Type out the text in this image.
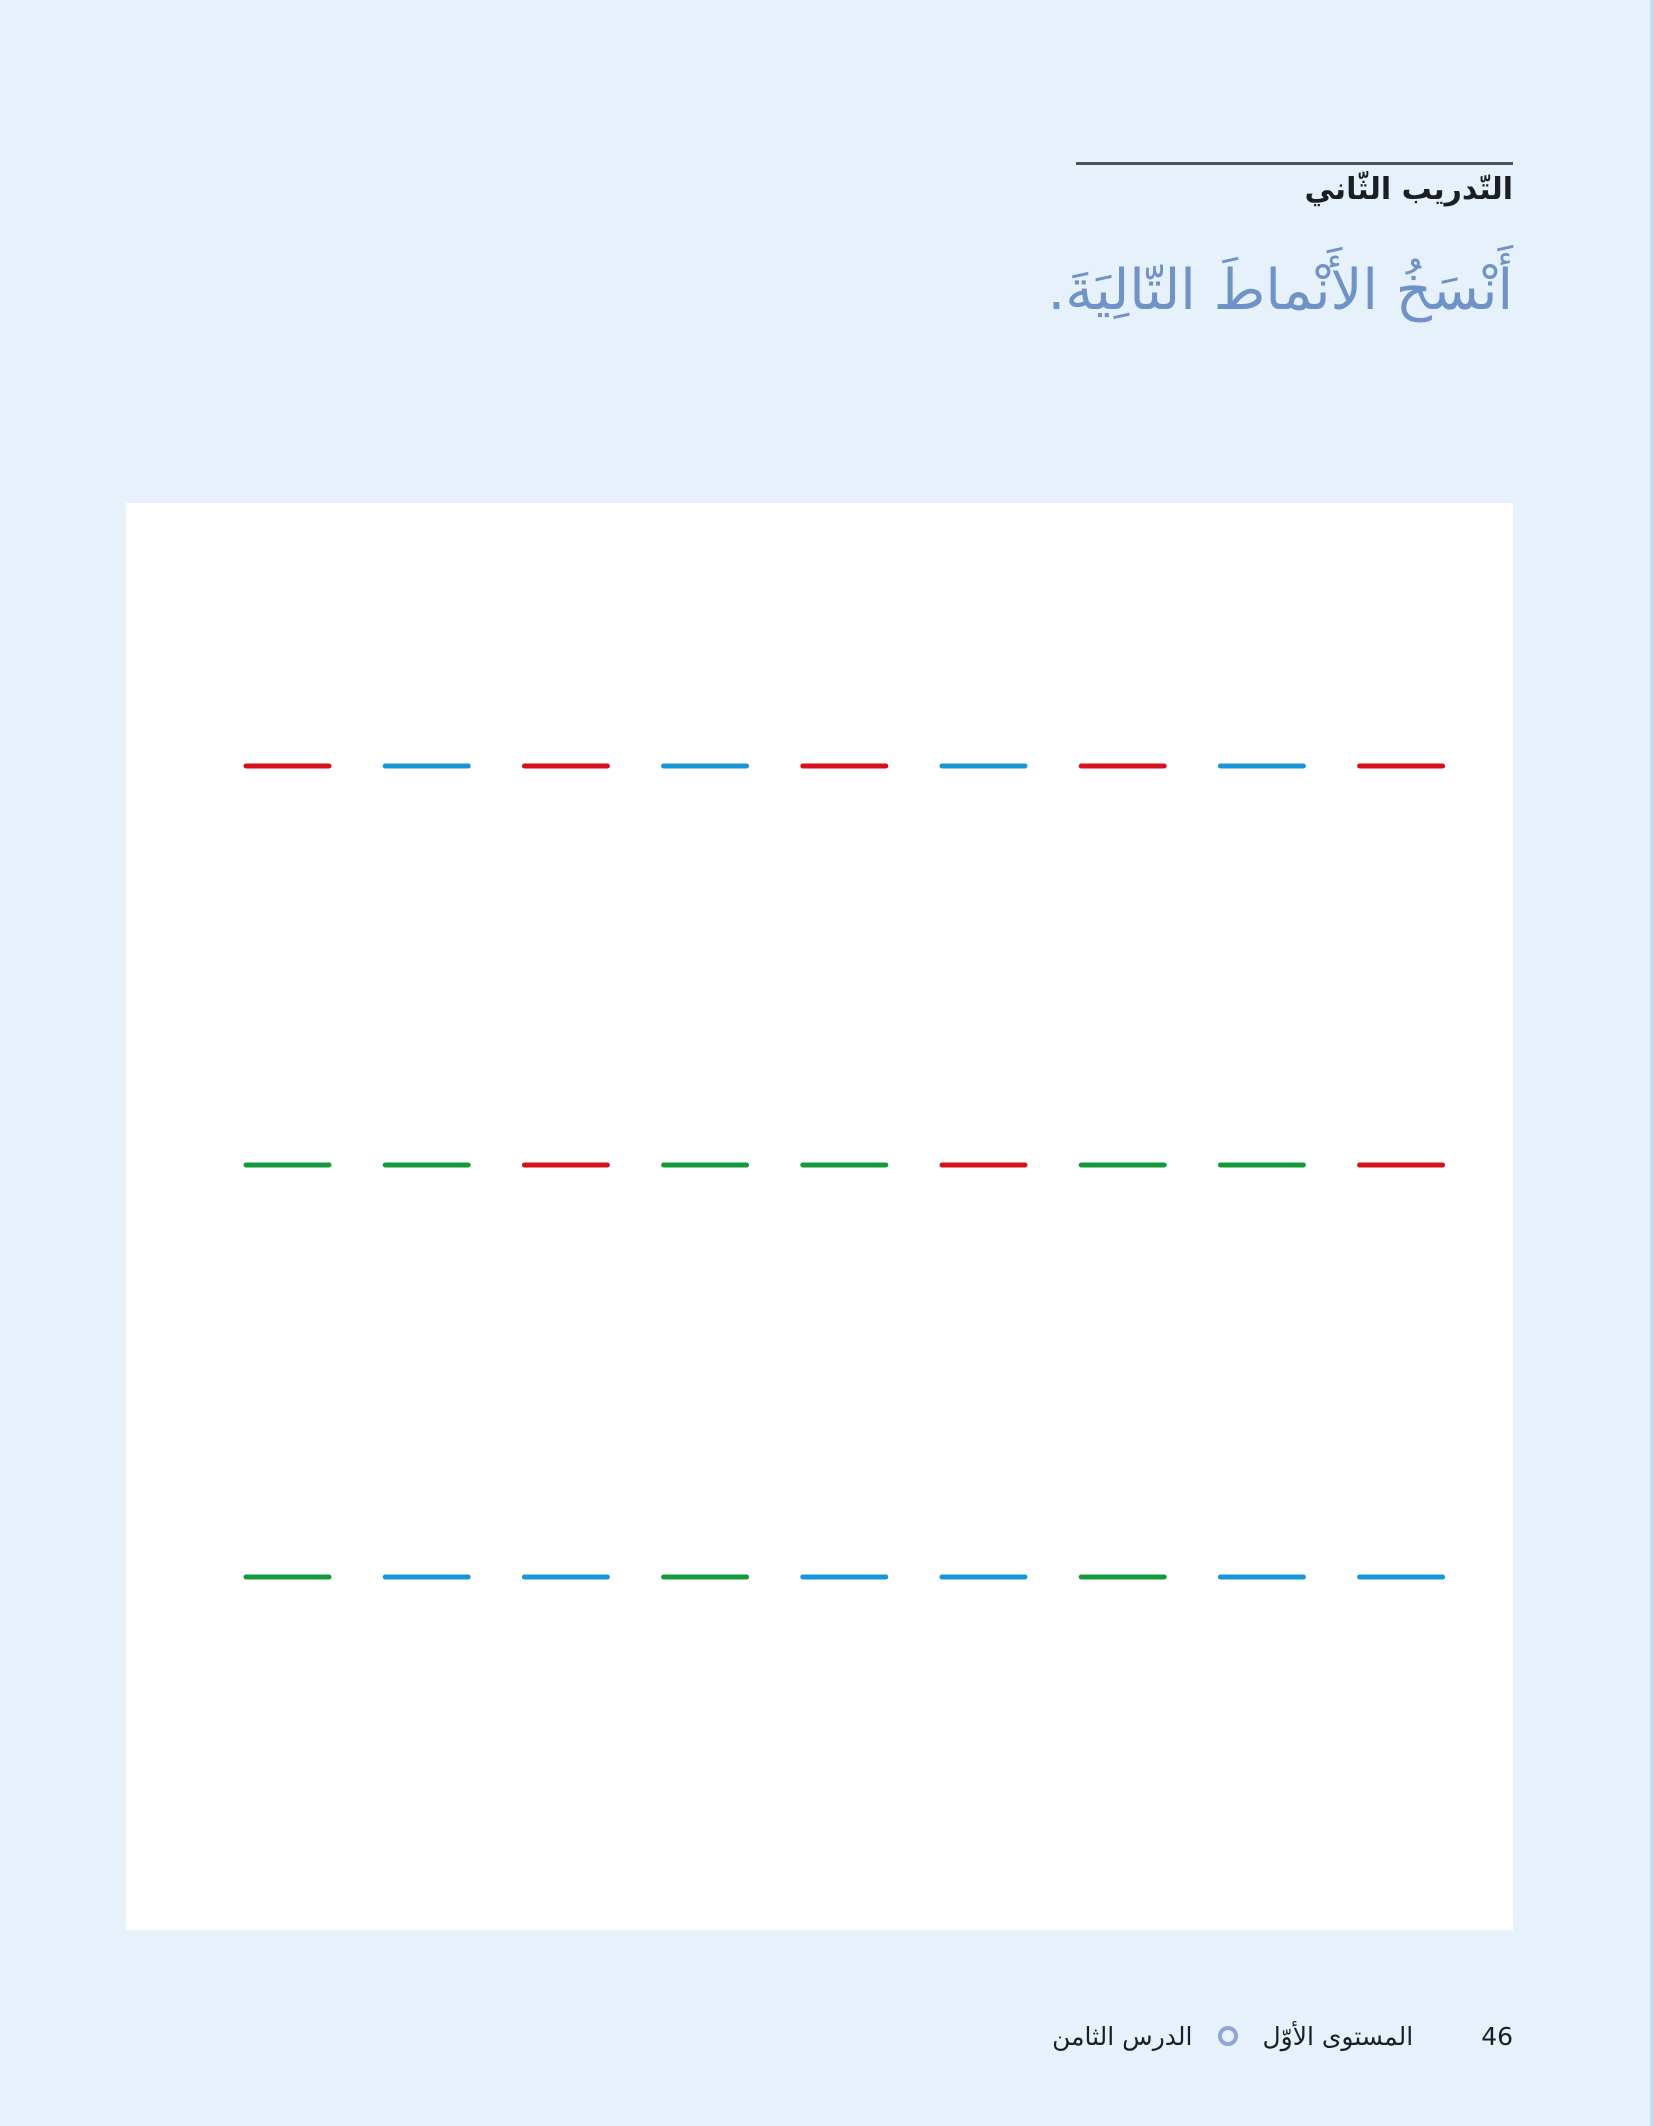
التّدريب الثّاني
أَنْسَخُ الأَنْماطَ التّالِيَةَ.
46
المستوى الأوّل
الدرس الثامن
